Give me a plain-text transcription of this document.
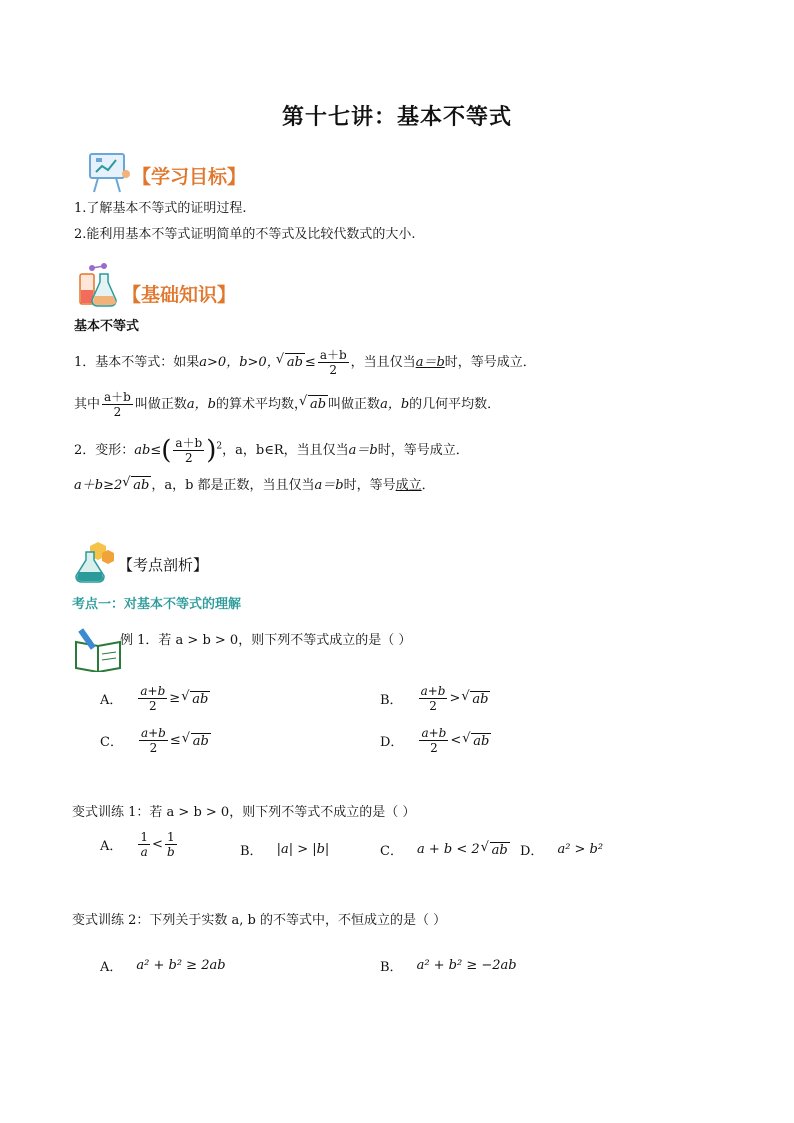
第十七讲：基本不等式
【学习目标】
1.了解基本不等式的证明过程.
2.能利用基本不等式证明简单的不等式及比较代数式的大小.
【基础知识】
基本不等式
1．基本不等式：如果a>0，b>0， √ ab ≤ $\frac{a+b}{2}$ ，当且仅当a＝b时，等号成立．
其中 $\frac{a+b}{2}$ 叫做正数a，b的算术平均数， √ ab 叫做正数a，b的几何平均数．
2．变形：$ab\le( \frac{a+b}{2} )^2$，a，b∈R，当且仅当a＝b时，等号成立．
a＋b≥2 √ ab ，a，b 都是正数，当且仅当a＝b时，等号成立．
【考点剖析】
考点一：对基本不等式的理解
例 1．若 a > b > 0，则下列不等式成立的是（ ）
A． $\frac{a+b}{2}$ ≥ √ ab	B． $\frac{a+b}{2}$ > √ ab
C． $\frac{a+b}{2}$ ≤ √ ab	D． $\frac{a+b}{2}$ < √ ab
变式训练 1：若 a > b > 0，则下列不等式不成立的是（ ）
A． $\frac{1}{a} < \frac{1}{b}$	B． |a| > |b|	C． a + b < 2 √ ab D． a² > b²
变式训练 2：下列关于实数 a, b 的不等式中，不恒成立的是（ ）
A． a² + b² ≥ 2ab	B． a² + b² ≥ −2ab
